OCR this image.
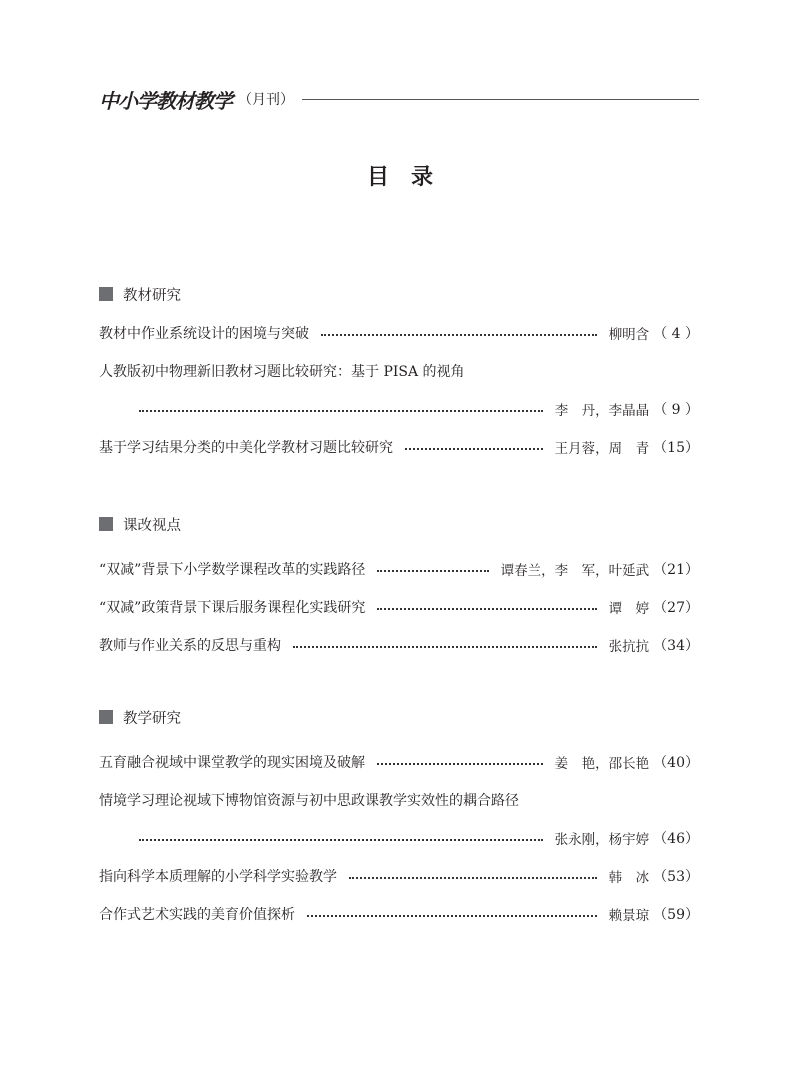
中小学教材教学 （月刊）
目录
教材研究
教材中作业系统设计的困境与突破	柳明含 （ 4 ）
人教版初中物理新旧教材习题比较研究：基于 PISA 的视角
李　丹，李晶晶 （ 9 ）
基于学习结果分类的中美化学教材习题比较研究	王月蓉，周　青 （15）
课改视点
“双减”背景下小学数学课程改革的实践路径	谭春兰，李　军，叶延武 （21）
“双减”政策背景下课后服务课程化实践研究	谭　婷 （27）
教师与作业关系的反思与重构	张抗抗 （34）
教学研究
五育融合视域中课堂教学的现实困境及破解	姜　艳，邵长艳 （40）
情境学习理论视域下博物馆资源与初中思政课教学实效性的耦合路径
张永刚，杨宇婷 （46）
指向科学本质理解的小学科学实验教学	韩　冰 （53）
合作式艺术实践的美育价值探析	赖景琼 （59）
